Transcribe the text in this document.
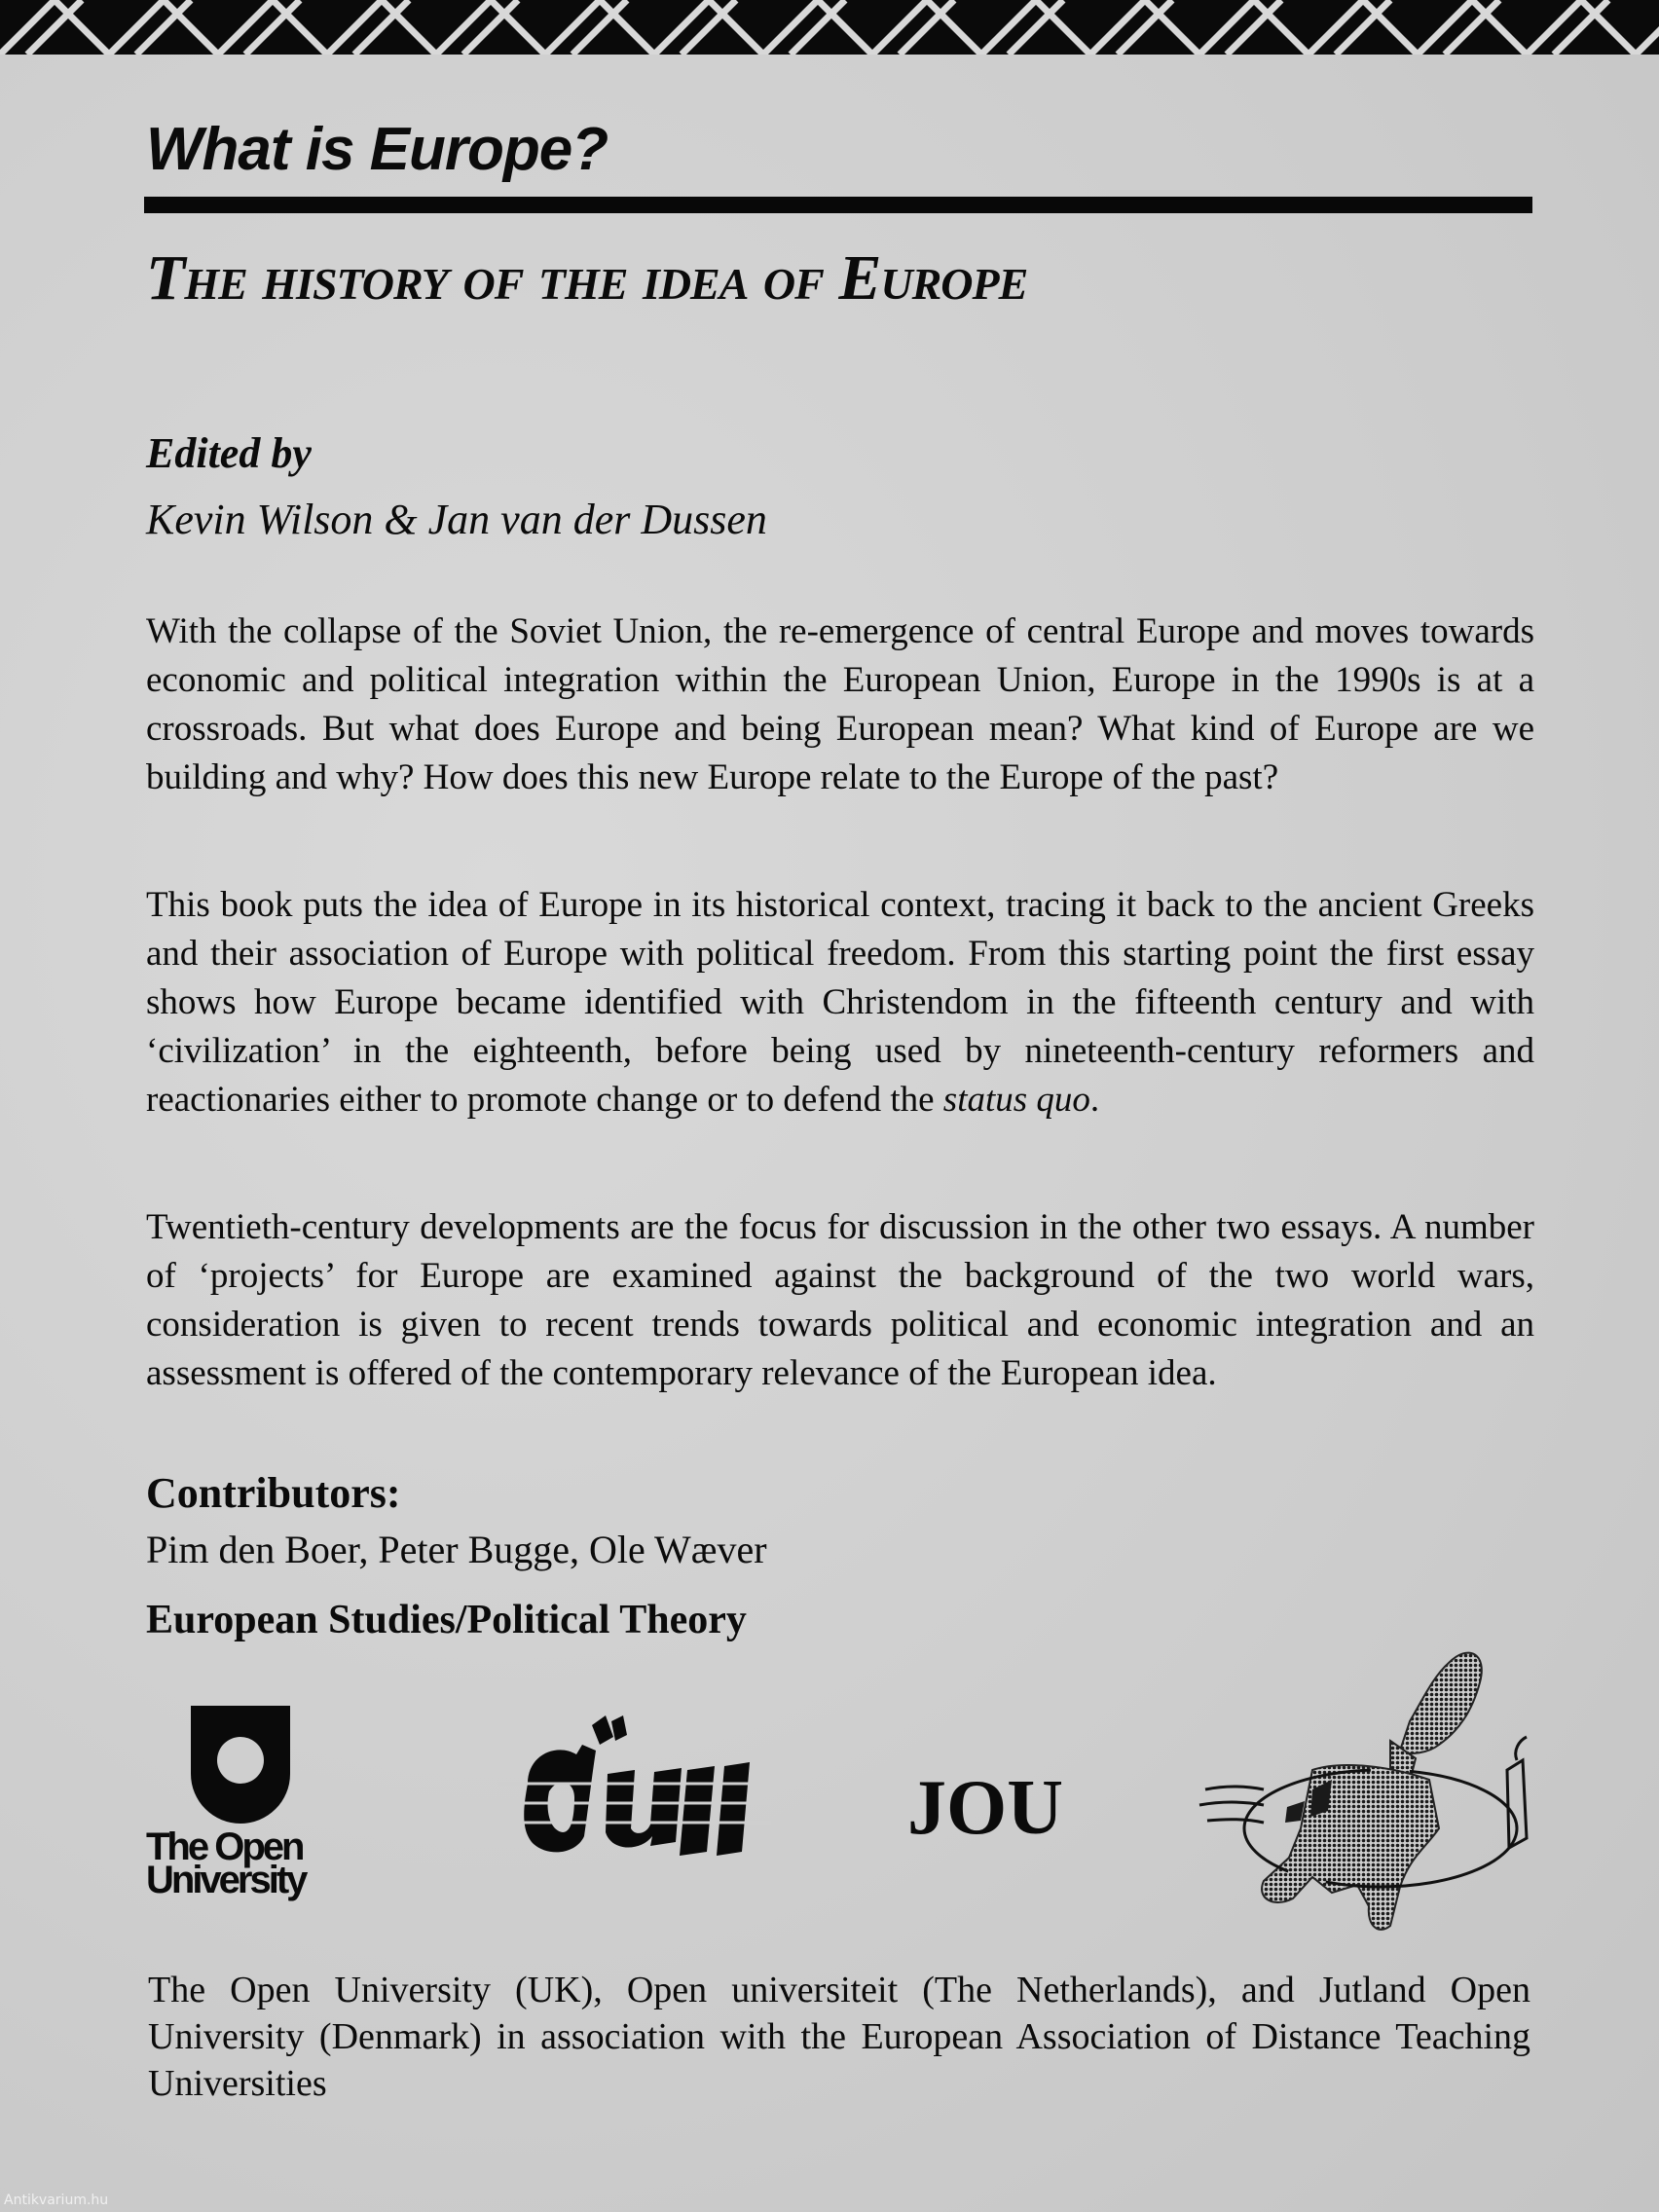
What is Europe?
The history of the idea of Europe
Edited by
Kevin Wilson & Jan van der Dussen

With the collapse of the Soviet Union, the re-emergence of central Europe and moves towards economic and political integration within the European Union, Europe in the 1990s is at a crossroads. But what does Europe and being European mean? What kind of Europe are we building and why? How does this new Europe relate to the Europe of the past?

This book puts the idea of Europe in its historical context, tracing it back to the ancient Greeks and their association of Europe with political freedom. From this starting point the first essay shows how Europe became identified with Christendom in the fifteenth century and with ‘civilization’ in the eighteenth, before being used by nineteenth-century reformers and reactionaries either to promote change or to defend the status quo.

Twentieth-century developments are the focus for discussion in the other two essays. A number of ‘projects’ for Europe are examined against the background of the two world wars, consideration is given to recent trends towards political and economic integration and an assessment is offered of the contemporary relevance of the European idea.

Contributors:
Pim den Boer, Peter Bugge, Ole Wæver
European Studies/Political Theory
The Open
University
JOU

The Open University (UK), Open universiteit (The Netherlands), and Jutland Open University (Denmark) in association with the European Association of Distance Teaching Universities

Antikvarium.hu
